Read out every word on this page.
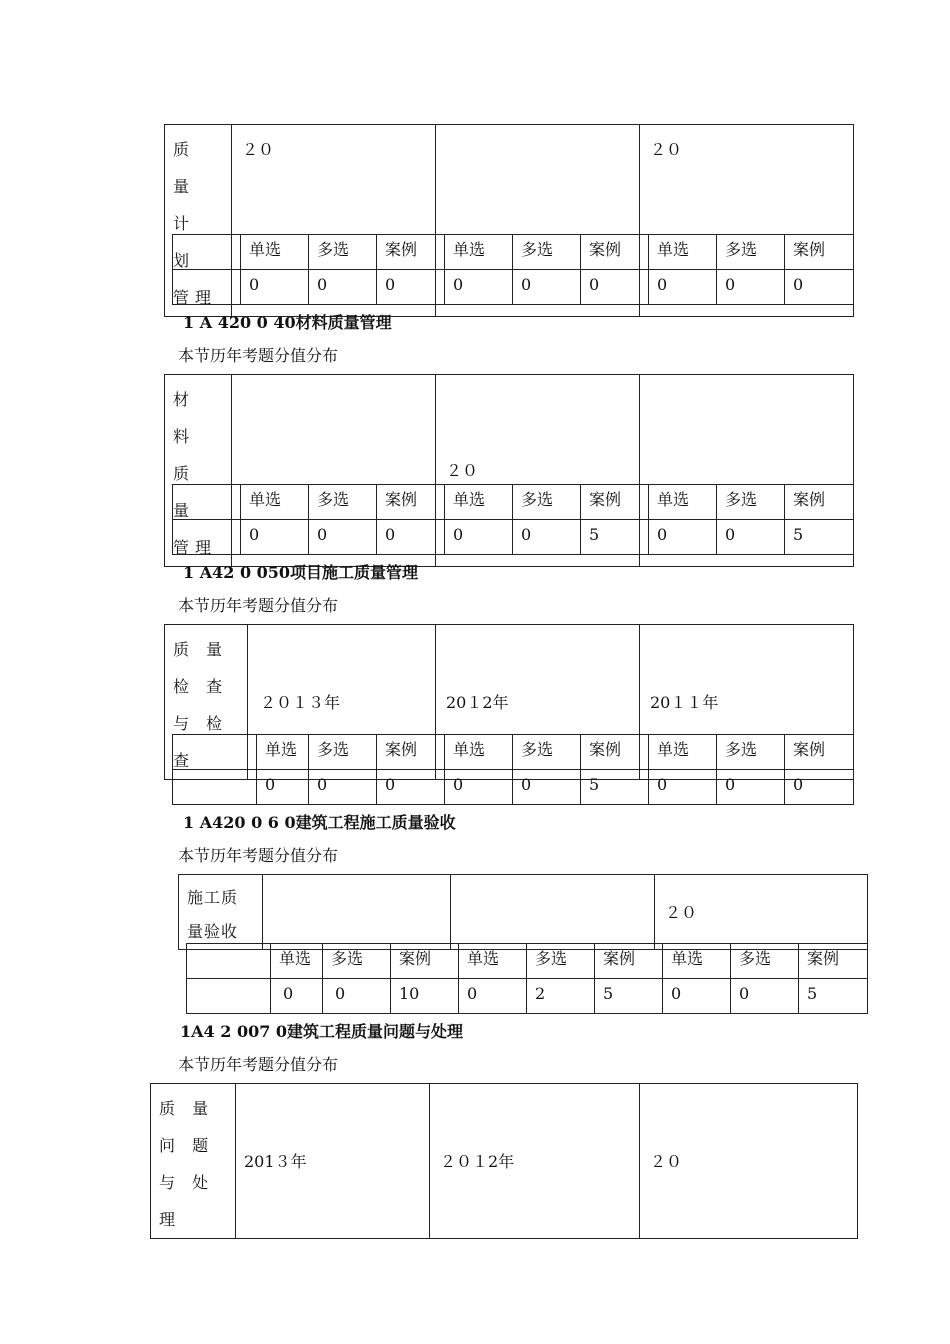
质 量 计 划 管理	２０		２０
	单选	多选	案例	单选	多选	案例	单选	多选	案例
	0	0	0	0	0	0	0	0	0
1 A 420 0 40材料质量管理
本节历年考题分值分布
材 料 质 量 管理		２０	
	单选	多选	案例	单选	多选	案例	单选	多选	案例
	0	0	0	0	0	5	0	0	5
1 A42 0 050项目施工质量管理
本节历年考题分值分布
质 量 检 查 与 检 查	２０１３年	20１2年	20１１年
	单选	多选	案例	单选	多选	案例	单选	多选	案例
	0	0	0	0	0	5	0	0	0
1 A420 0 6 0建筑工程施工质量验收
本节历年考题分值分布
施工质 量验收			２０
	单选	多选	案例	单选	多选	案例	单选	多选	案例
	0	0	10	0	2	5	0	0	5
1A4 2 007 0建筑工程质量问题与处理
本节历年考题分值分布
质 量 问 题 与 处 理	201３年	２０１2年	２０
